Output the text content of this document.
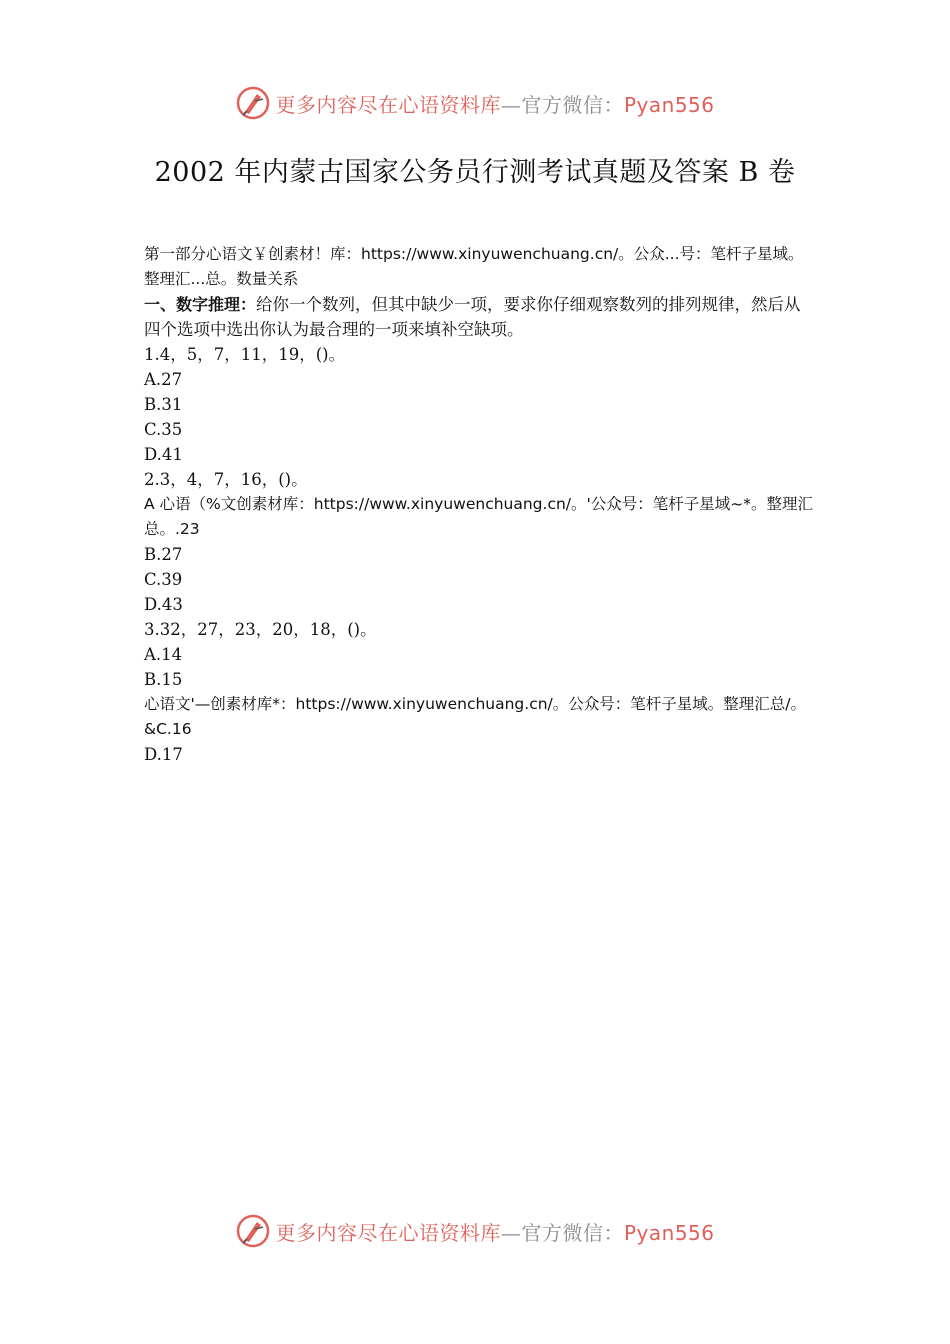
更多内容尽在心语资料库—官方微信：Pyan556
2002 年内蒙古国家公务员行测考试真题及答案 B 卷

第一部分心语文￥创素材！库：https://www.xinyuwenchuang.cn/。公众...号：笔杆子星域。整理汇...总。数量关系

一、数字推理：给你一个数列，但其中缺少一项，要求你仔细观察数列的排列规律，然后从四个选项中选出你认为最合理的一项来填补空缺项。

1.4，5，7，11，19，()。

A.27

B.31

C.35

D.41

2.3，4，7，16，()。

A 心语（%文创素材库：https://www.xinyuwenchuang.cn/。'公众号：笔杆子星域~*。整理汇总。.23

B.27

C.39

D.43

3.32，27，23，20，18，()。

A.14

B.15

心语文'—创素材库*：https://www.xinyuwenchuang.cn/。公众号：笔杆子星域。整理汇总/。&C.16

D.17

更多内容尽在心语资料库—官方微信：Pyan556
